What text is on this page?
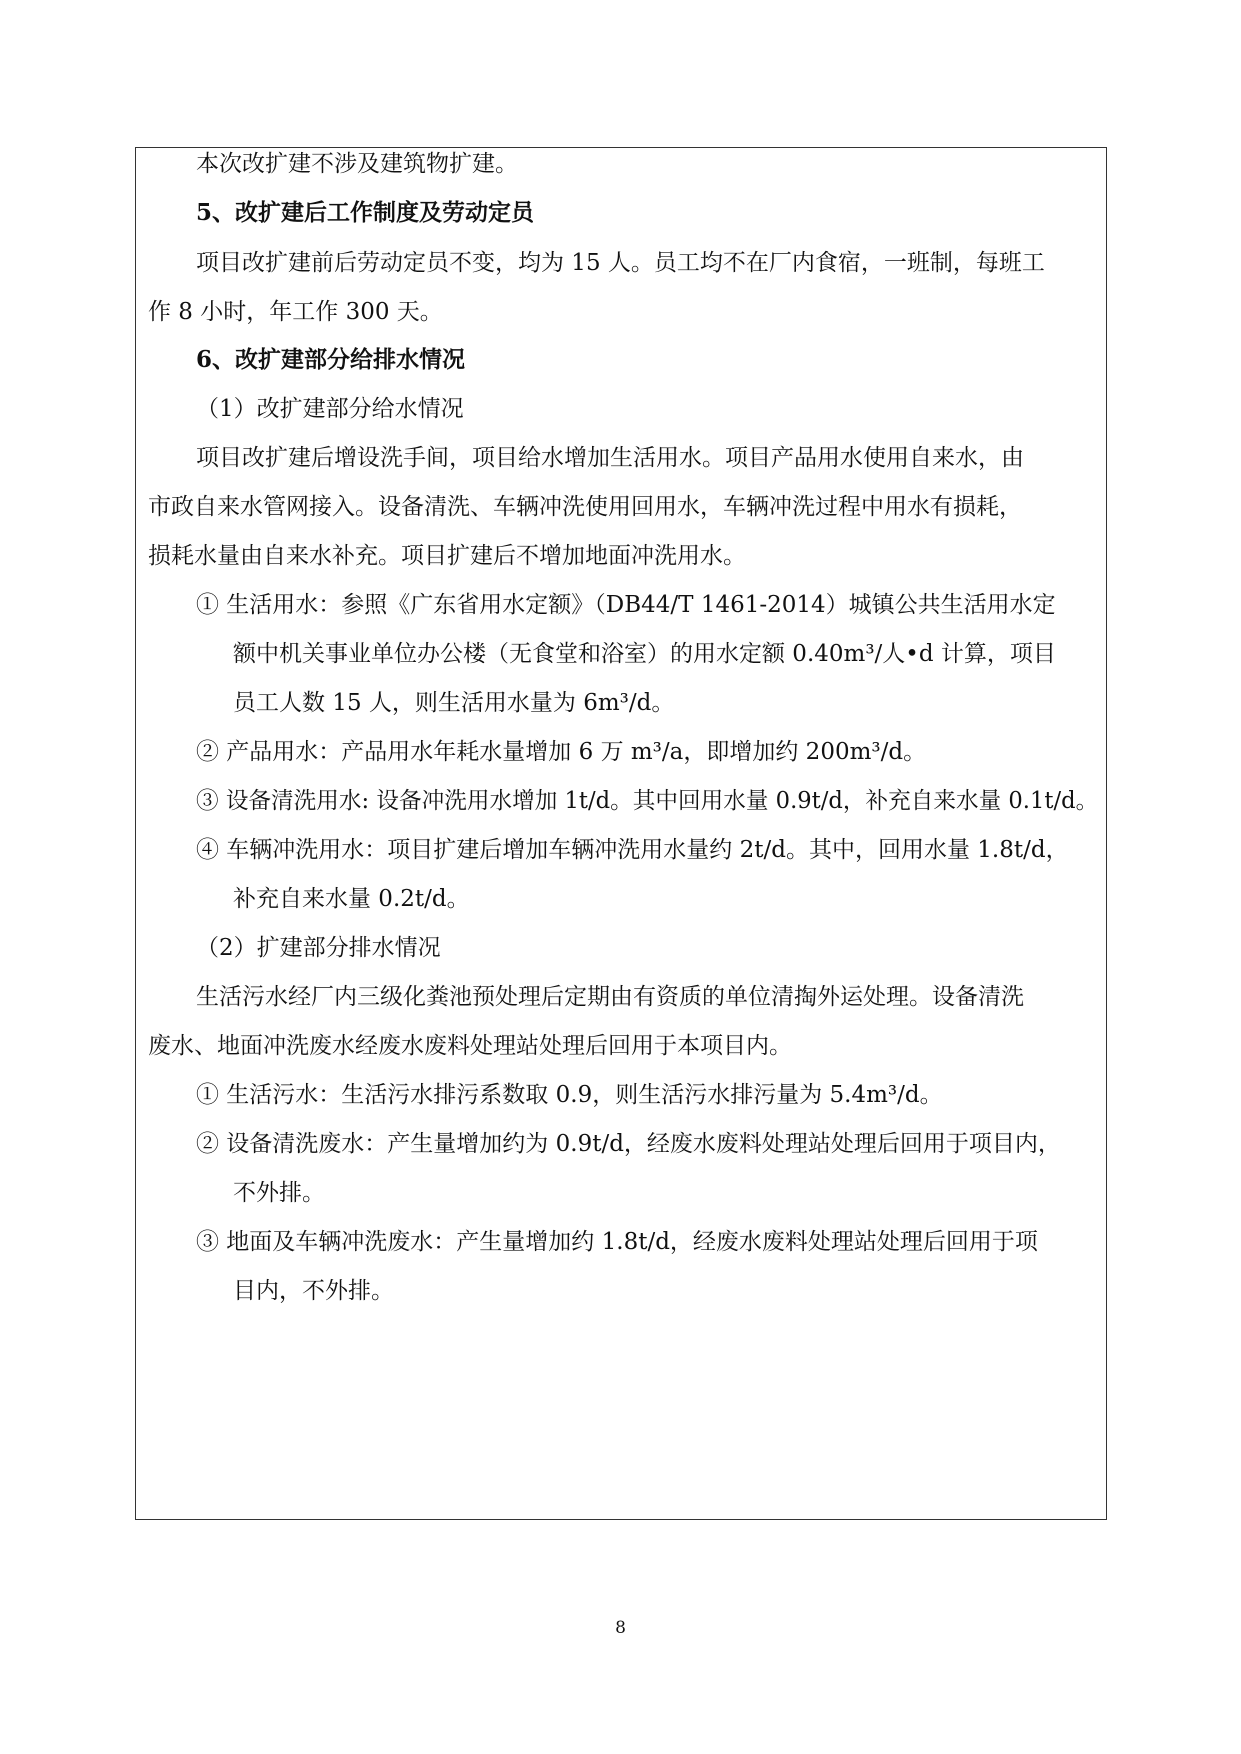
本次改扩建不涉及建筑物扩建。
5、改扩建后工作制度及劳动定员
项目改扩建前后劳动定员不变，均为 15 人。员工均不在厂内食宿，一班制，每班工
作 8 小时，年工作 300 天。
6、改扩建部分给排水情况
（1）改扩建部分给水情况
项目改扩建后增设洗手间，项目给水增加生活用水。项目产品用水使用自来水，由
市政自来水管网接入。设备清洗、车辆冲洗使用回用水，车辆冲洗过程中用水有损耗，
损耗水量由自来水补充。项目扩建后不增加地面冲洗用水。
① 生活用水：参照《广东省用水定额》（DB44/T 1461-2014）城镇公共生活用水定
额中机关事业单位办公楼（无食堂和浴室）的用水定额 0.40m³/人•d 计算，项目
员工人数 15 人，则生活用水量为 6m³/d。
② 产品用水：产品用水年耗水量增加 6 万 m³/a，即增加约 200m³/d。
③ 设备清洗用水: 设备冲洗用水增加 1t/d。其中回用水量 0.9t/d，补充自来水量 0.1t/d。
④ 车辆冲洗用水：项目扩建后增加车辆冲洗用水量约 2t/d。其中，回用水量 1.8t/d，
补充自来水量 0.2t/d。
（2）扩建部分排水情况
生活污水经厂内三级化粪池预处理后定期由有资质的单位清掏外运处理。设备清洗
废水、地面冲洗废水经废水废料处理站处理后回用于本项目内。
① 生活污水：生活污水排污系数取 0.9，则生活污水排污量为 5.4m³/d。
② 设备清洗废水：产生量增加约为 0.9t/d，经废水废料处理站处理后回用于项目内，
不外排。
③ 地面及车辆冲洗废水：产生量增加约 1.8t/d，经废水废料处理站处理后回用于项
目内，不外排。
8
